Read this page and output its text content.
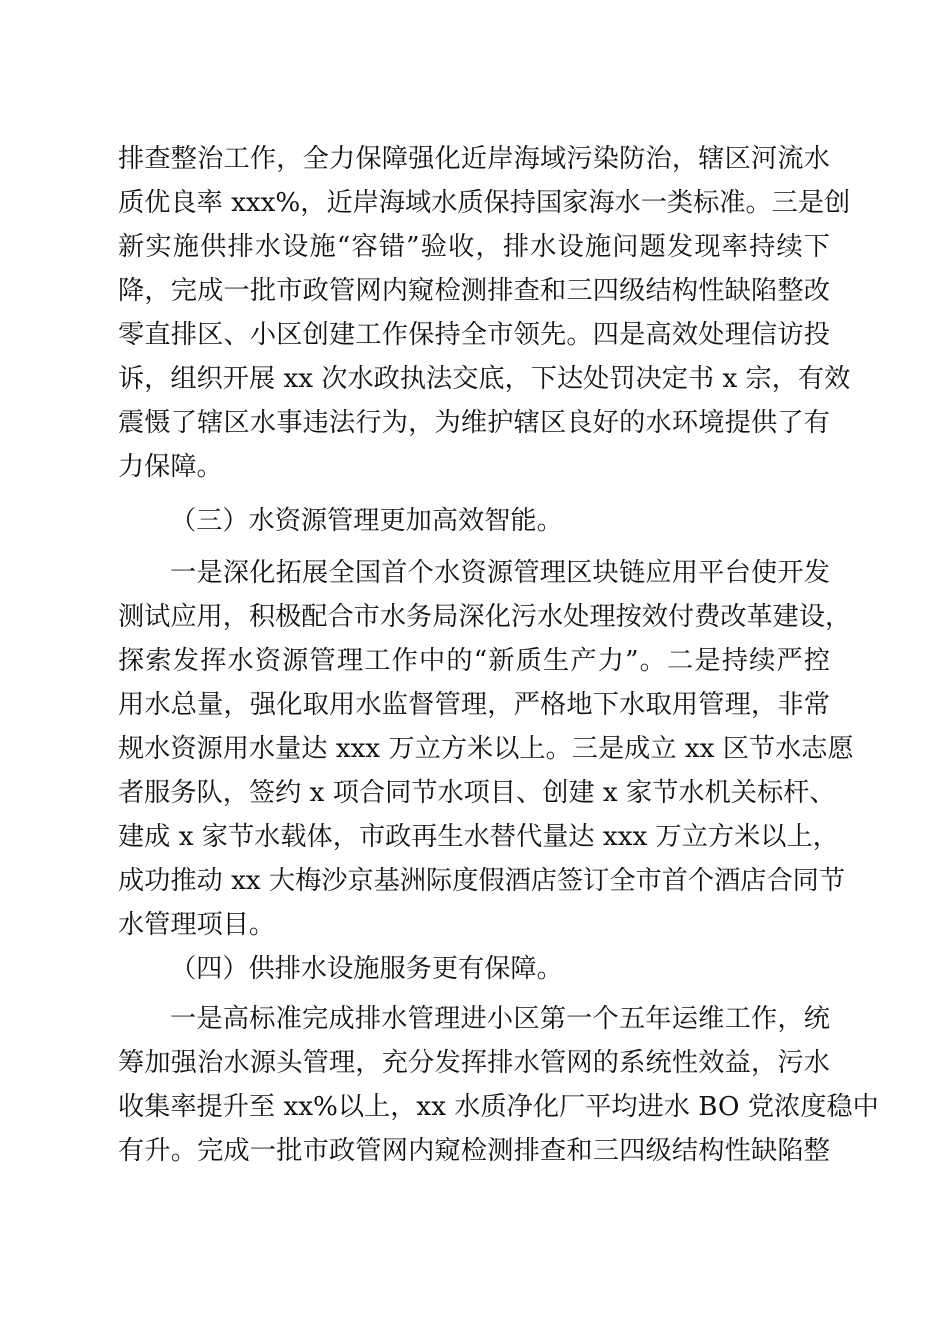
排查整治工作，全力保障强化近岸海域污染防治，辖区河流水
质优良率 xxx%，近岸海域水质保持国家海水一类标准。三是创
新实施供排水设施“容错”验收，排水设施问题发现率持续下
降，完成一批市政管网内窥检测排查和三四级结构性缺陷整改
零直排区、小区创建工作保持全市领先。四是高效处理信访投
诉，组织开展 xx 次水政执法交底，下达处罚决定书 x 宗，有效
震慑了辖区水事违法行为，为维护辖区良好的水环境提供了有
力保障。
（三）水资源管理更加高效智能。
一是深化拓展全国首个水资源管理区块链应用平台使开发
测试应用，积极配合市水务局深化污水处理按效付费改革建设，
探索发挥水资源管理工作中的“新质生产力”。二是持续严控
用水总量，强化取用水监督管理，严格地下水取用管理，非常
规水资源用水量达 xxx 万立方米以上。三是成立 xx 区节水志愿
者服务队，签约 x 项合同节水项目、创建 x 家节水机关标杆、
建成 x 家节水载体，市政再生水替代量达 xxx 万立方米以上，
成功推动 xx 大梅沙京基洲际度假酒店签订全市首个酒店合同节
水管理项目。
（四）供排水设施服务更有保障。
一是高标准完成排水管理进小区第一个五年运维工作，统
筹加强治水源头管理，充分发挥排水管网的系统性效益，污水
收集率提升至 xx%以上，xx 水质净化厂平均进水 BO 党浓度稳中
有升。完成一批市政管网内窥检测排查和三四级结构性缺陷整
